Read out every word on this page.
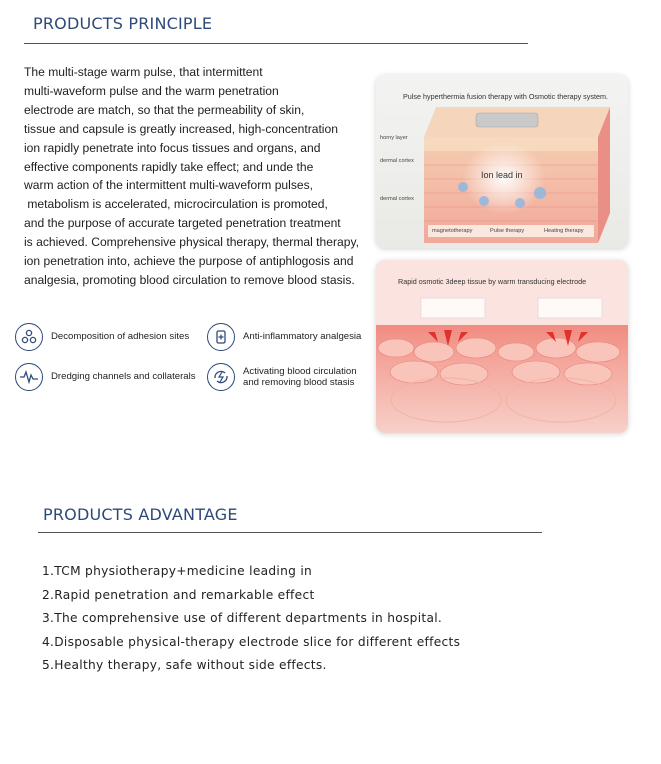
PRODUCTS PRINCIPLE
The multi-stage warm pulse, that intermittent
multi-waveform pulse and the warm penetration
electrode are match, so that the permeability of skin,
tissue and capsule is greatly increased, high-concentration
ion rapidly penetrate into focus tissues and organs, and
effective components rapidly take effect; and unde the
warm action of the intermittent multi-waveform pulses,
metabolism is accelerated, microcirculation is promoted,
and the purpose of accurate targeted penetration treatment
is achieved. Comprehensive physical therapy, thermal therapy,
ion penetration into, achieve the purpose of antiphlogosis and
analgesia, promoting blood circulation to remove blood stasis.
Decomposition of adhesion sites	Anti-inflammatory analgesia
Dredging channels and collaterals
Activating blood circulation
and removing blood stasis
Pulse hyperthermia fusion therapy with Osmotic therapy system.
horny layer
dermal cortex
dermal cortex
Ion lead in
magnetotherapy	Pulse therapy	Heating therapy
Rapid osmotic 3deep tissue by warm transducing electrode
PRODUCTS ADVANTAGE
1.TCM physiotherapy+medicine leading in
2.Rapid penetration and remarkable effect
3.The comprehensive use of different departments in hospital.
4.Disposable physical-therapy electrode slice for different effects
5.Healthy therapy, safe without side effects.
